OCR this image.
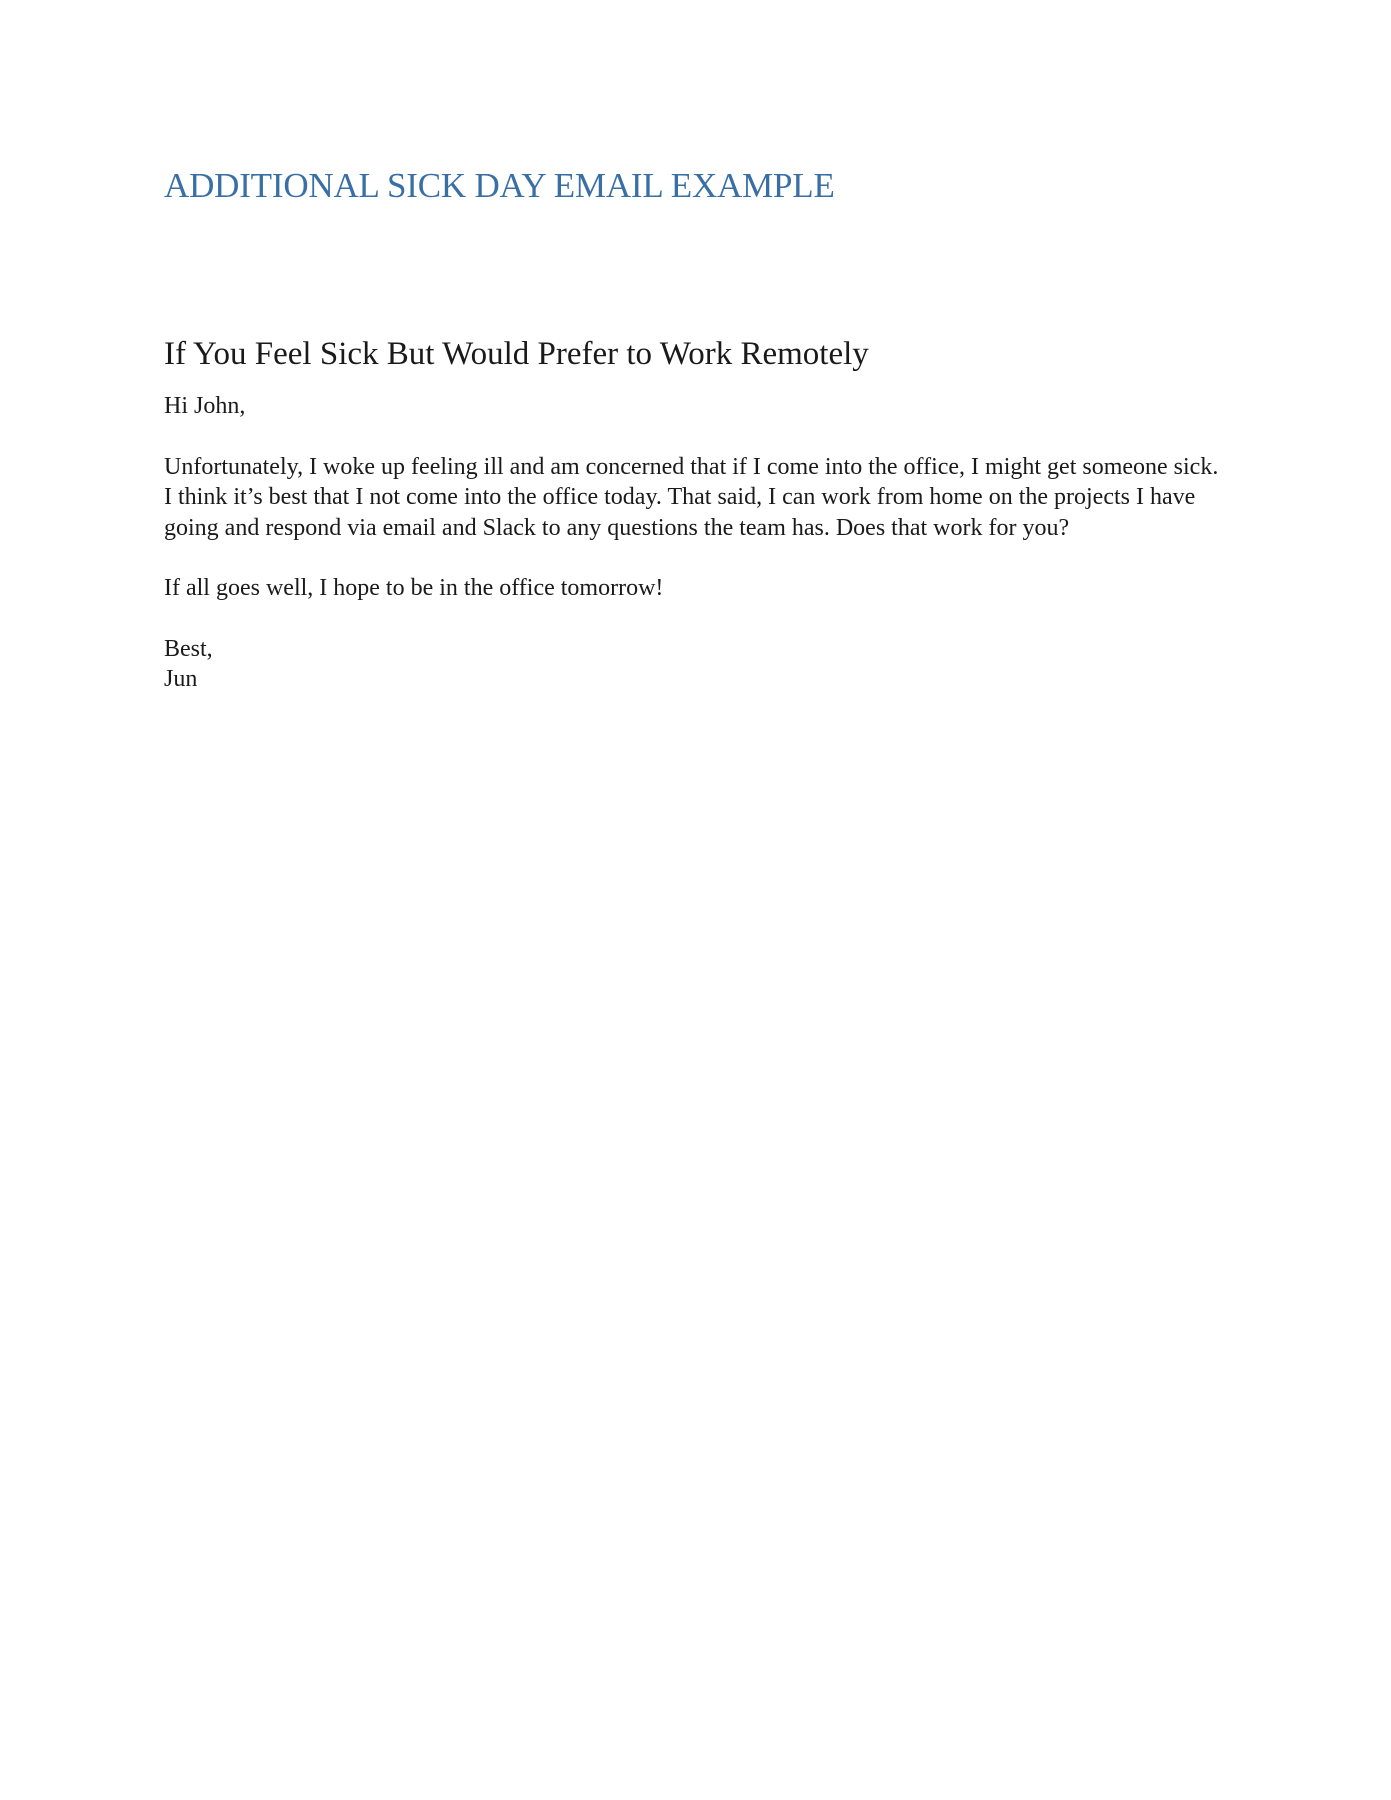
ADDITIONAL SICK DAY EMAIL EXAMPLE
If You Feel Sick But Would Prefer to Work Remotely

Hi John,

Unfortunately, I woke up feeling ill and am concerned that if I come into the office, I might get someone sick. I think it’s best that I not come into the office today. That said, I can work from home on the projects I have going and respond via email and Slack to any questions the team has. Does that work for you?

If all goes well, I hope to be in the office tomorrow!

Best,

Jun
